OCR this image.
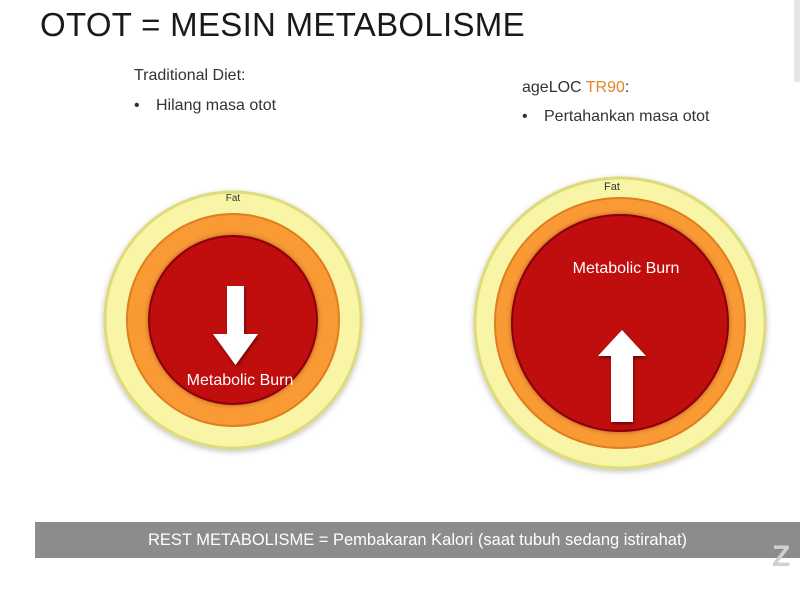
OTOT = MESIN METABOLISME
Traditional Diet:
• Hilang masa otot
ageLOC TR90:
• Pertahankan masa otot
Fat
Metabolic Burn
Fat
Metabolic Burn
REST METABOLISME = Pembakaran Kalori (saat tubuh sedang istirahat)
Z
